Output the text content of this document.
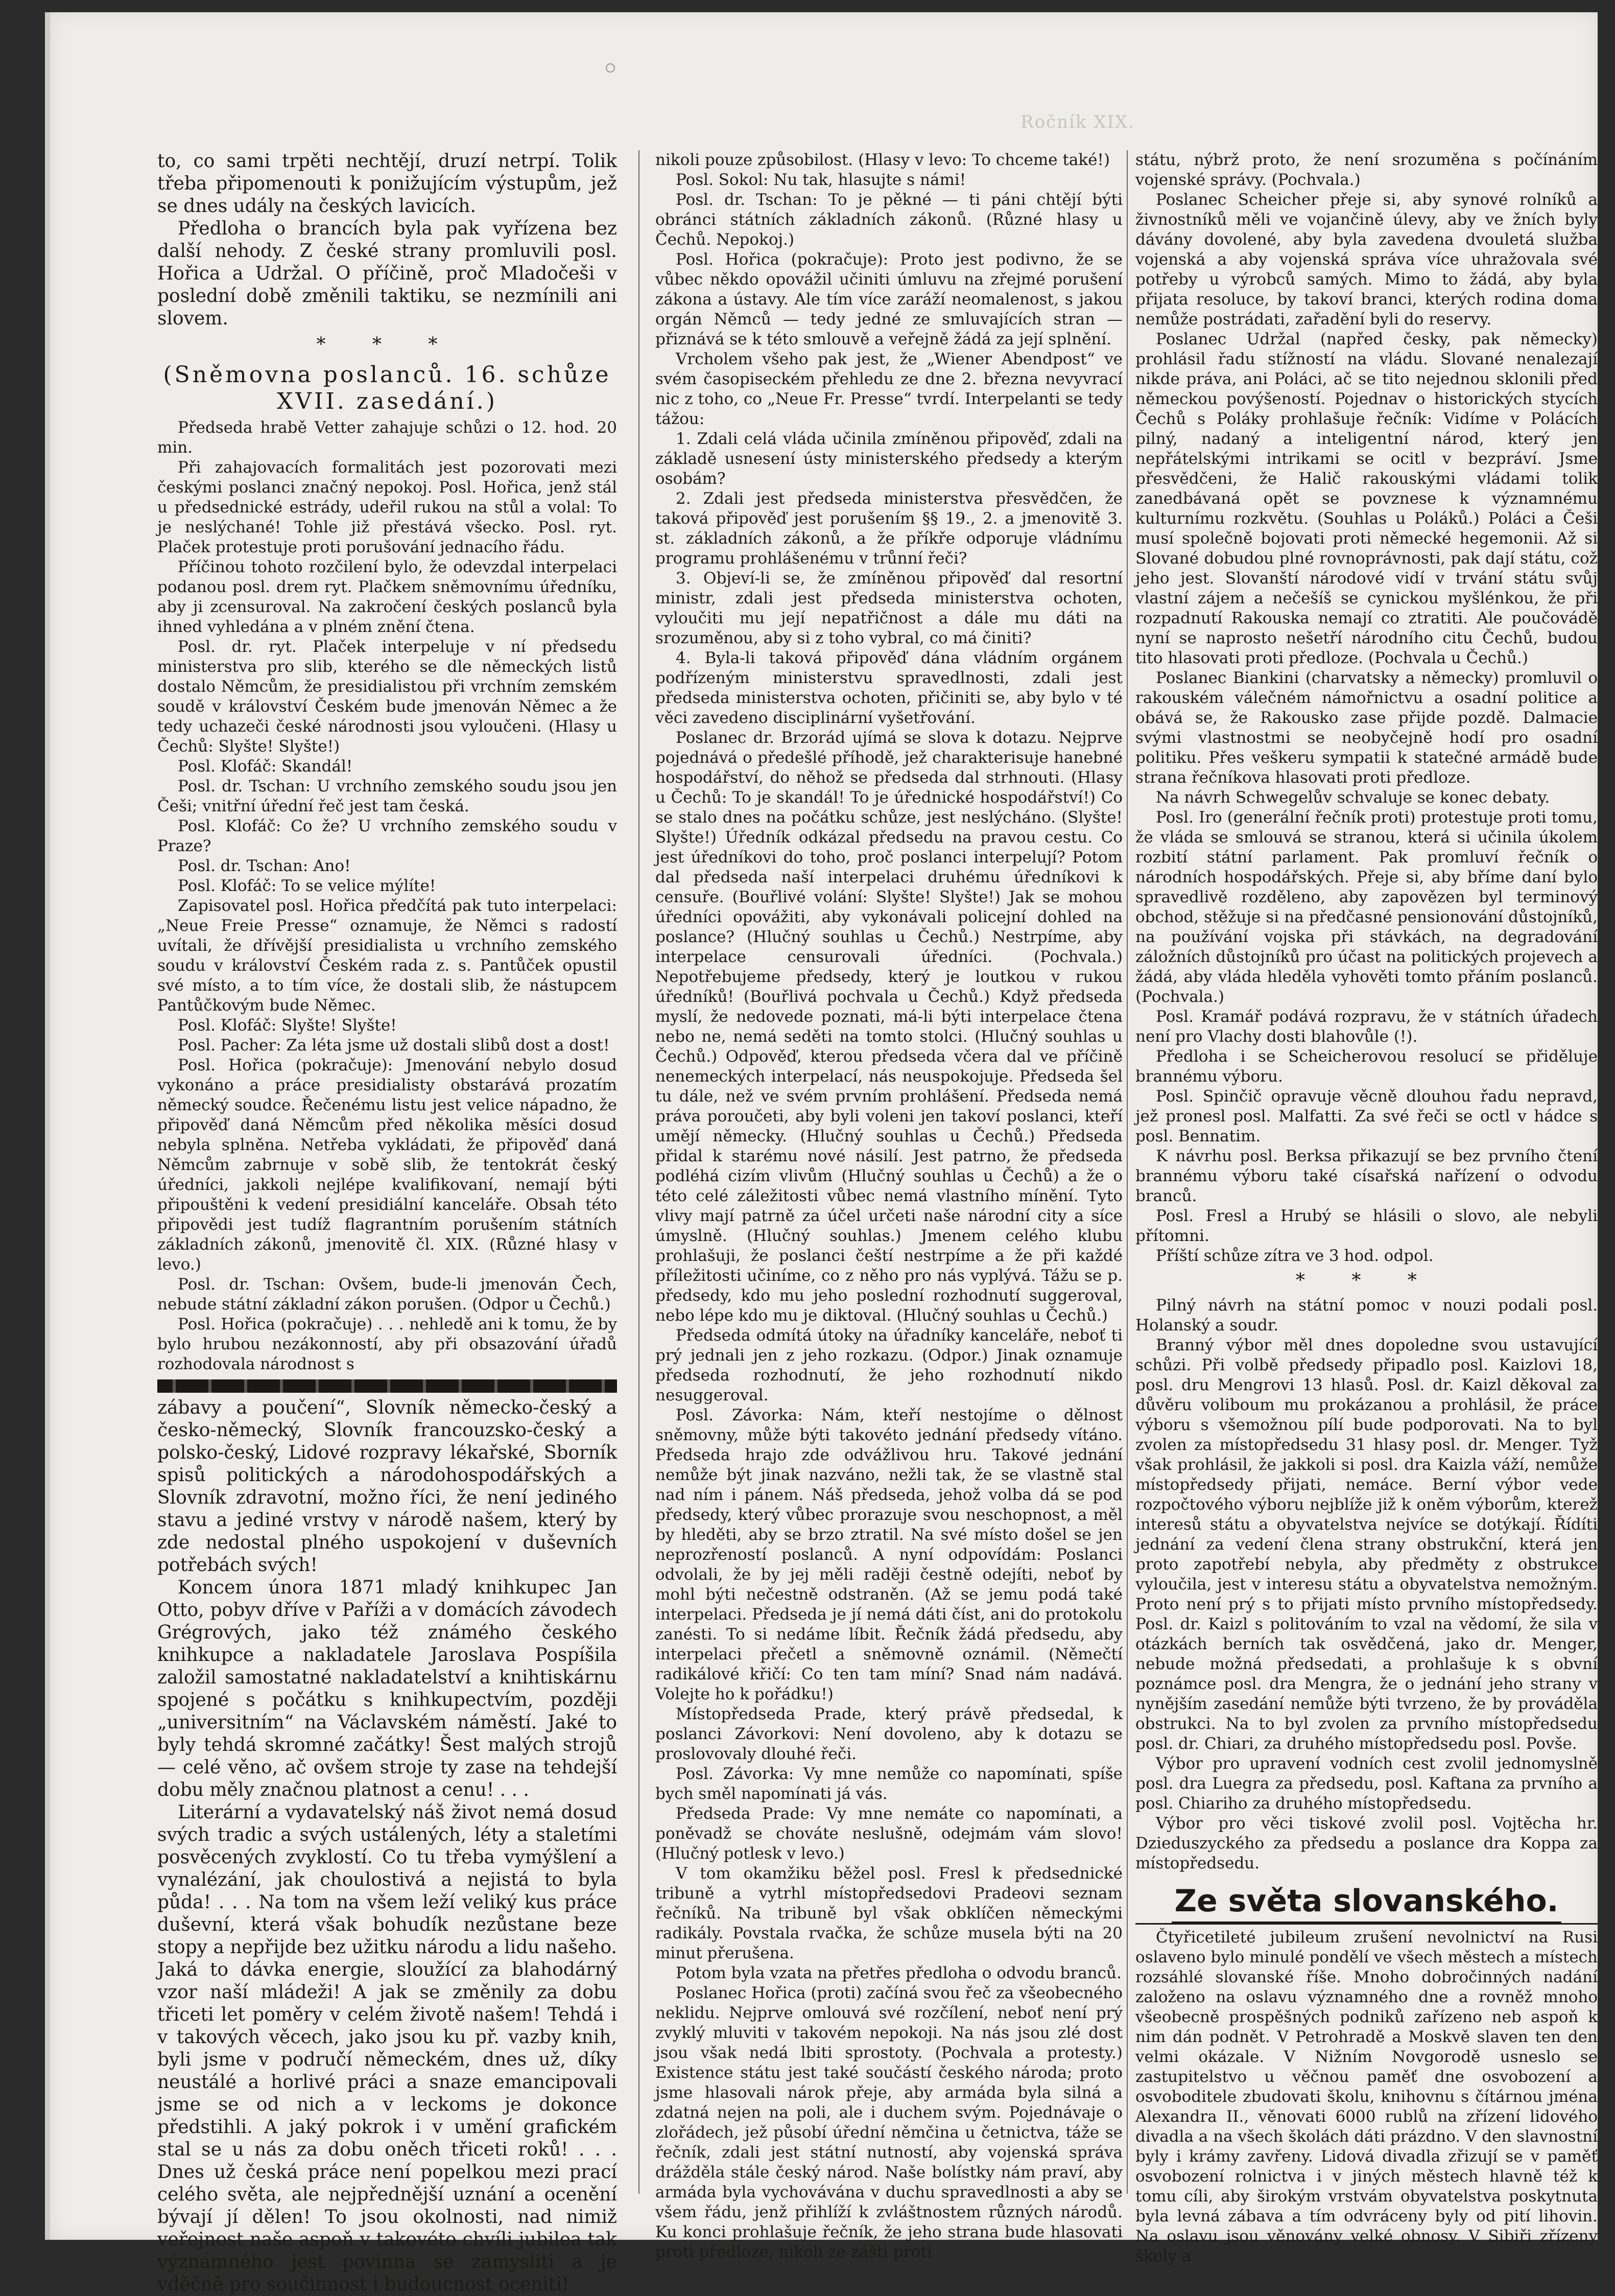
Ročník XIX.

to, co sami trpěti nechtějí, druzí netrpí. Tolik třeba připomenouti k ponižujícím výstupům, jež se dnes udály na českých lavicích.

Předloha o brancích byla pak vyřízena bez další nehody. Z české strany promluvili posl. Hořica a Udržal. O příčině, proč Mladočeši v poslední době změnili taktiku, se nezmínili ani slovem.

* * *
(Sněmovna poslanců. 16. schůze XVII. zasedání.)

Předseda hrabě Vetter zahajuje schůzi o 12. hod. 20 min.

Při zahajovacích formalitách jest pozorovati mezi českými poslanci značný nepokoj. Posl. Hořica, jenž stál u předsednické estrády, udeřil rukou na stůl a volal: To je neslýchané! Tohle již přestává všecko. Posl. ryt. Plaček protestuje proti porušování jednacího řádu.

Příčinou tohoto rozčilení bylo, že odevzdal interpelaci podanou posl. drem ryt. Plačkem sněmovnímu úředníku, aby ji zcensuroval. Na zakročení českých poslanců byla ihned vyhledána a v plném znění čtena.

Posl. dr. ryt. Plaček interpeluje v ní předsedu ministerstva pro slib, kterého se dle německých listů dostalo Němcům, že presidialistou při vrchním zemském soudě v království Českém bude jmenován Němec a že tedy uchazeči české národnosti jsou vyloučeni. (Hlasy u Čechů: Slyšte! Slyšte!)

Posl. Klofáč: Skandál!

Posl. dr. Tschan: U vrchního zemského soudu jsou jen Češi; vnitřní úřední řeč jest tam česká.

Posl. Klofáč: Co že? U vrchního zemského soudu v Praze?

Posl. dr. Tschan: Ano!

Posl. Klofáč: To se velice mýlíte!

Zapisovatel posl. Hořica předčítá pak tuto interpelaci: „Neue Freie Presse“ oznamuje, že Němci s radostí uvítali, že dřívější presidialista u vrchního zemského soudu v království Českém rada z. s. Pantůček opustil své místo, a to tím více, že dostali slib, že nástupcem Pantůčkovým bude Němec.

Posl. Klofáč: Slyšte! Slyšte!

Posl. Pacher: Za léta jsme už dostali slibů dost a dost!

Posl. Hořica (pokračuje): Jmenování nebylo dosud vykonáno a práce presidialisty obstarává prozatím německý soudce. Řečenému listu jest velice nápadno, že připověď daná Němcům před několika měsíci dosud nebyla splněna. Netřeba vykládati, že připověď daná Němcům zabrnuje v sobě slib, že tentokrát český úředníci, jakkoli nejlépe kvalifikovaní, nemají býti připouštěni k vedení presidiální kanceláře. Obsah této připovědi jest tudíž flagrantním porušením státních základních zákonů, jmenovitě čl. XIX. (Různé hlasy v levo.)

Posl. dr. Tschan: Ovšem, bude-li jmenován Čech, nebude státní základní zákon porušen. (Odpor u Čechů.)

Posl. Hořica (pokračuje) . . . nehledě ani k tomu, že by bylo hrubou nezákonností, aby při obsazování úřadů rozhodovala národnost s

zábavy a poučení“, Slovník německo-český a česko-německý, Slovník francouzsko-český a polsko-český, Lidové rozpravy lékařské, Sborník spisů politických a národohospodářských a Slovník zdravotní, možno říci, že není jediného stavu a jediné vrstvy v národě našem, který by zde nedostal plného uspokojení v duševních potřebách svých!

Koncem února 1871 mladý knihkupec Jan Otto, pobyv dříve v Paříži a v domácích závodech Grégrových, jako též známého českého knihkupce a nakladatele Jaroslava Pospíšila založil samostatné nakladatelství a knihtiskárnu spojené s počátku s knihkupectvím, později „universitním“ na Václavském náměstí. Jaké to byly tehdá skromné začátky! Šest malých strojů — celé věno, ač ovšem stroje ty zase na tehdejší dobu měly značnou platnost a cenu! . . .

Literární a vydavatelský náš život nemá dosud svých tradic a svých ustálených, léty a staletími posvěcených zvyklostí. Co tu třeba vymýšlení a vynalézání, jak choulostivá a nejistá to byla půda! . . . Na tom na všem leží veliký kus práce duševní, která však bohudík nezůstane beze stopy a nepřijde bez užitku národu a lidu našeho. Jaká to dávka energie, sloužící za blahodárný vzor naší mládeži! A jak se změnily za dobu třiceti let poměry v celém životě našem! Tehdá i v takových věcech, jako jsou ku př. vazby knih, byli jsme v područí německém, dnes už, díky neustálé a horlivé práci a snaze emancipovali jsme se od nich a v leckoms je dokonce předstihli. A jaký pokrok i v umění grafickém stal se u nás za dobu oněch třiceti roků! . . . Dnes už česká práce není popelkou mezi prací celého světa, ale nejpřednější uznání a ocenění bývají jí dělen! To jsou okolnosti, nad nimiž veřejnost naše aspoň v takovéto chvíli jubilea tak významného jest povinna se zamysliti a je vděčně pro součinnost i budoucnost oceniti!

nikoli pouze způsobilost. (Hlasy v levo: To chceme také!)

Posl. Sokol: Nu tak, hlasujte s námi!

Posl. dr. Tschan: To je pěkné — ti páni chtějí býti obránci státních základních zákonů. (Různé hlasy u Čechů. Nepokoj.)

Posl. Hořica (pokračuje): Proto jest podivno, že se vůbec někdo opovážil učiniti úmluvu na zřejmé porušení zákona a ústavy. Ale tím více zaráží neomalenost, s jakou orgán Němců — tedy jedné ze smluvajících stran — přiznává se k této smlouvě a veřejně žádá za její splnění.

Vrcholem všeho pak jest, že „Wiener Abendpost“ ve svém časopiseckém přehledu ze dne 2. března nevyvrací nic z toho, co „Neue Fr. Presse“ tvrdí. Interpelanti se tedy tážou:

1. Zdali celá vláda učinila zmíněnou připověď, zdali na základě usnesení ústy ministerského předsedy a kterým osobám?

2. Zdali jest předseda ministerstva přesvědčen, že taková připověď jest porušením §§ 19., 2. a jmenovitě 3. st. základních zákonů, a že příkře odporuje vládnímu programu prohlášenému v trůnní řeči?

3. Objeví-li se, že zmíněnou připověď dal resortní ministr, zdali jest předseda ministerstva ochoten, vyloučiti mu její nepatřičnost a dále mu dáti na srozuměnou, aby si z toho vybral, co má činiti?

4. Byla-li taková připověď dána vládním orgánem podřízeným ministerstvu spravedlnosti, zdali jest předseda ministerstva ochoten, přičiniti se, aby bylo v té věci zavedeno disciplinární vyšetřování.

Poslanec dr. Brzorád ujímá se slova k dotazu. Nejprve pojednává o předešlé příhodě, jež charakterisuje hanebné hospodářství, do něhož se předseda dal strhnouti. (Hlasy u Čechů: To je skandál! To je úřednické hospodářství!) Co se stalo dnes na počátku schůze, jest neslýcháno. (Slyšte! Slyšte!) Úředník odkázal předsedu na pravou cestu. Co jest úředníkovi do toho, proč poslanci interpelují? Potom dal předseda naší interpelaci druhému úředníkovi k censuře. (Bouřlivé volání: Slyšte! Slyšte!) Jak se mohou úředníci opovážiti, aby vykonávali policejní dohled na poslance? (Hlučný souhlas u Čechů.) Nestrpíme, aby interpelace censurovali úředníci. (Pochvala.) Nepotřebujeme předsedy, který je loutkou v rukou úředníků! (Bouřlivá pochvala u Čechů.) Když předseda myslí, že nedovede poznati, má-li býti interpelace čtena nebo ne, nemá seděti na tomto stolci. (Hlučný souhlas u Čechů.) Odpověď, kterou předseda včera dal ve příčině nenemeckých interpelací, nás neuspokojuje. Předseda šel tu dále, než ve svém prvním prohlášení. Předseda nemá práva poroučeti, aby byli voleni jen takoví poslanci, kteří umějí německy. (Hlučný souhlas u Čechů.) Předseda přidal k starému nové násilí. Jest patrno, že předseda podléhá cizím vlivům (Hlučný souhlas u Čechů) a že o této celé záležitosti vůbec nemá vlastního mínění. Tyto vlivy mají patrně za účel určeti naše národní city a síce úmyslně. (Hlučný souhlas.) Jmenem celého klubu prohlašuji, že poslanci čeští nestrpíme a že při každé příležitosti učiníme, co z něho pro nás vyplývá. Tážu se p. předsedy, kdo mu jeho poslední rozhodnutí suggeroval, nebo lépe kdo mu je diktoval. (Hlučný souhlas u Čechů.)

Předseda odmítá útoky na úřadníky kanceláře, neboť ti prý jednali jen z jeho rozkazu. (Odpor.) Jinak oznamuje předseda rozhodnutí, že jeho rozhodnutí nikdo nesuggeroval.

Posl. Závorka: Nám, kteří nestojíme o dělnost sněmovny, může býti takovéto jednání předsedy vítáno. Předseda hrajo zde odvážlivou hru. Takové jednání nemůže být jinak nazváno, nežli tak, že se vlastně stal nad ním i pánem. Náš předseda, jehož volba dá se pod předsedy, který vůbec prorazuje svou neschopnost, a měl by hleděti, aby se brzo ztratil. Na své místo došel se jen neprozřeností poslanců. A nyní odpovídám: Poslanci odvolali, že by jej měli raději čestně odejíti, neboť by mohl býti nečestně odstraněn. (Až se jemu podá také interpelaci. Předseda je jí nemá dáti číst, ani do protokolu zanésti. To si nedáme líbit. Řečník žádá předsedu, aby interpelaci přečetl a sněmovně oznámil. (Němečtí radikálové křičí: Co ten tam míní? Snad nám nadává. Volejte ho k pořádku!)

Místopředseda Prade, který právě předsedal, k poslanci Závorkovi: Není dovoleno, aby k dotazu se proslovovaly dlouhé řeči.

Posl. Závorka: Vy mne nemůže co napomínati, spíše bych směl napomínati já vás.

Předseda Prade: Vy mne nemáte co napomínati, a poněvadž se chováte neslušně, odejmám vám slovo! (Hlučný potlesk v levo.)

V tom okamžiku běžel posl. Fresl k předsednické tribuně a vytrhl místopředsedovi Pradeovi seznam řečníků. Na tribuně byl však obklíčen německými radikály. Povstala rvačka, že schůze musela býti na 20 minut přerušena.

Potom byla vzata na přetřes předloha o odvodu branců.

Poslanec Hořica (proti) začíná svou řeč za všeobecného neklidu. Nejprve omlouvá své rozčílení, neboť není prý zvyklý mluviti v takovém nepokoji. Na nás jsou zlé dost jsou však nedá lbiti sprostoty. (Pochvala a protesty.) Existence státu jest také součástí českého národa; proto jsme hlasovali nárok přeje, aby armáda byla silná a zdatná nejen na poli, ale i duchem svým. Pojednávaje o zlořádech, jež působí úřední němčina u četnictva, táže se řečník, zdali jest státní nutností, aby vojenská správa drážděla stále český národ. Naše bolístky nám praví, aby armáda byla vychovávána v duchu spravedlnosti a aby se všem řádu, jenž přihlíží k zvláštnostem různých národů. Ku konci prohlašuje řečník, že jeho strana bude hlasovati proti předloze, nikoli ze zášti proti

státu, nýbrž proto, že není srozuměna s počínáním vojenské správy. (Pochvala.)

Poslanec Scheicher přeje si, aby synové rolníků a živnostníků měli ve vojančině úlevy, aby ve žních byly dávány dovolené, aby byla zavedena dvouletá služba vojenská a aby vojenská správa více uhražovala své potřeby u výrobců samých. Mimo to žádá, aby byla přijata resoluce, by takoví branci, kterých rodina doma nemůže postrádati, zařadění byli do reservy.

Poslanec Udržal (napřed česky, pak německy) prohlásil řadu stížností na vládu. Slované nenalezají nikde práva, ani Poláci, ač se tito nejednou sklonili před německou povýšeností. Pojednav o historických stycích Čechů s Poláky prohlašuje řečník: Vidíme v Polácích pilný, nadaný a inteligentní národ, který jen nepřátelskými intrikami se ocitl v bezpráví. Jsme přesvědčeni, že Halič rakouskými vládami tolik zanedbávaná opět se povznese k významnému kulturnímu rozkvětu. (Souhlas u Poláků.) Poláci a Češi musí společně bojovati proti německé hegemonii. Až si Slované dobudou plné rovnoprávnosti, pak dají státu, což jeho jest. Slovanští národové vidí v trvání státu svůj vlastní zájem a nečešíš se cynickou myšlénkou, že při rozpadnutí Rakouska nemají co ztratiti. Ale poučovádě nyní se naprosto nešetří národního citu Čechů, budou tito hlasovati proti předloze. (Pochvala u Čechů.)

Poslanec Biankini (charvatsky a německy) promluvil o rakouském válečném námořnictvu a osadní politice a obává se, že Rakousko zase přijde pozdě. Dalmacie svými vlastnostmi se neobyčejně hodí pro osadní politiku. Přes veškeru sympatii k statečné armádě bude strana řečníkova hlasovati proti předloze.

Na návrh Schwegelův schvaluje se konec debaty.

Posl. Iro (generální řečník proti) protestuje proti tomu, že vláda se smlouvá se stranou, která si učinila úkolem rozbití státní parlament. Pak promluví řečník o národních hospodářských. Přeje si, aby bříme daní bylo spravedlivě rozděleno, aby zapovězen byl terminový obchod, stěžuje si na předčasné pensionování důstojníků, na používání vojska při stávkách, na degradování záložních důstojníků pro účast na politických projevech a žádá, aby vláda hleděla vyhověti tomto přáním poslanců. (Pochvala.)

Posl. Kramář podává rozpravu, že v státních úřadech není pro Vlachy dosti blahovůle (!).

Předloha i se Scheicherovou resolucí se přiděluje brannému výboru.

Posl. Spinčič opravuje věcně dlouhou řadu nepravd, jež pronesl posl. Malfatti. Za své řeči se octl v hádce s posl. Bennatim.

K návrhu posl. Berksa přikazují se bez prvního čtení brannému výboru také císařská nařízení o odvodu branců.

Posl. Fresl a Hrubý se hlásili o slovo, ale nebyli přítomni.

Příští schůze zítra ve 3 hod. odpol.

* * *

Pilný návrh na státní pomoc v nouzi podali posl. Holanský a soudr.

Branný výbor měl dnes dopoledne svou ustavující schůzi. Při volbě předsedy připadlo posl. Kaizlovi 18, posl. dru Mengrovi 13 hlasů. Posl. dr. Kaizl děkoval za důvěru voliboum mu prokázanou a prohlásil, že práce výboru s všemožnou pílí bude podporovati. Na to byl zvolen za místopředsedu 31 hlasy posl. dr. Menger. Tyž však prohlásil, že jakkoli si posl. dra Kaizla váží, nemůže místopředsedy přijati, nemáce. Berní výbor vede rozpočtového výboru nejblíže již k oněm výborům, kterež interesů státu a obyvatelstva nejvíce se dotýkají. Řídíti jednání za vedení člena strany obstrukční, která jen proto zapotřebí nebyla, aby předměty z obstrukce vyloučila, jest v interesu státu a obyvatelstva nemožným. Proto není prý s to přijati místo prvního místopředsedy. Posl. dr. Kaizl s politováním to vzal na vědomí, že sila v otázkách berních tak osvědčená, jako dr. Menger, nebude možná předsedati, a prohlašuje k s obvní poznámce posl. dra Mengra, že o jednání jeho strany v nynějším zasedání nemůže býti tvrzeno, že by prováděla obstrukci. Na to byl zvolen za prvního místopředsedu posl. dr. Chiari, za druhého místopředsedu posl. Povše.

Výbor pro upravení vodních cest zvolil jednomyslně posl. dra Luegra za předsedu, posl. Kaftana za prvního a posl. Chiariho za druhého místopředsedu.

Výbor pro věci tiskové zvolil posl. Vojtěcha hr. Dzieduszyckého za předsedu a poslance dra Koppa za místopředsedu.

Ze světa slovanského.

Čtyřicetileté jubileum zrušení nevolnictví na Rusi oslaveno bylo minulé pondělí ve všech městech a místech rozsáhlé slovanské říše. Mnoho dobročinných nadání založeno na oslavu významného dne a rovněž mnoho všeobecně prospěšných podniků zařízeno neb aspoň k nim dán podnět. V Petrohradě a Moskvě slaven ten den velmi okázale. V Nižním Novgorodě usneslo se zastupitelstvo u věčnou paměť dne osvobození a osvoboditele zbudovati školu, knihovnu s čítárnou jména Alexandra II., věnovati 6000 rublů na zřízení lidového divadla a na všech školách dáti prázdno. V den slavnostní byly i krámy zavřeny. Lidová divadla zřizují se v paměť osvobození rolnictva i v jiných městech hlavně též k tomu cíli, aby širokým vrstvám obyvatelstva poskytnuta byla levná zábava a tím odvráceny byly od pití lihovin. Na oslavu jsou věnovány velké obnosy. V Sibiři zřízeny školy a
